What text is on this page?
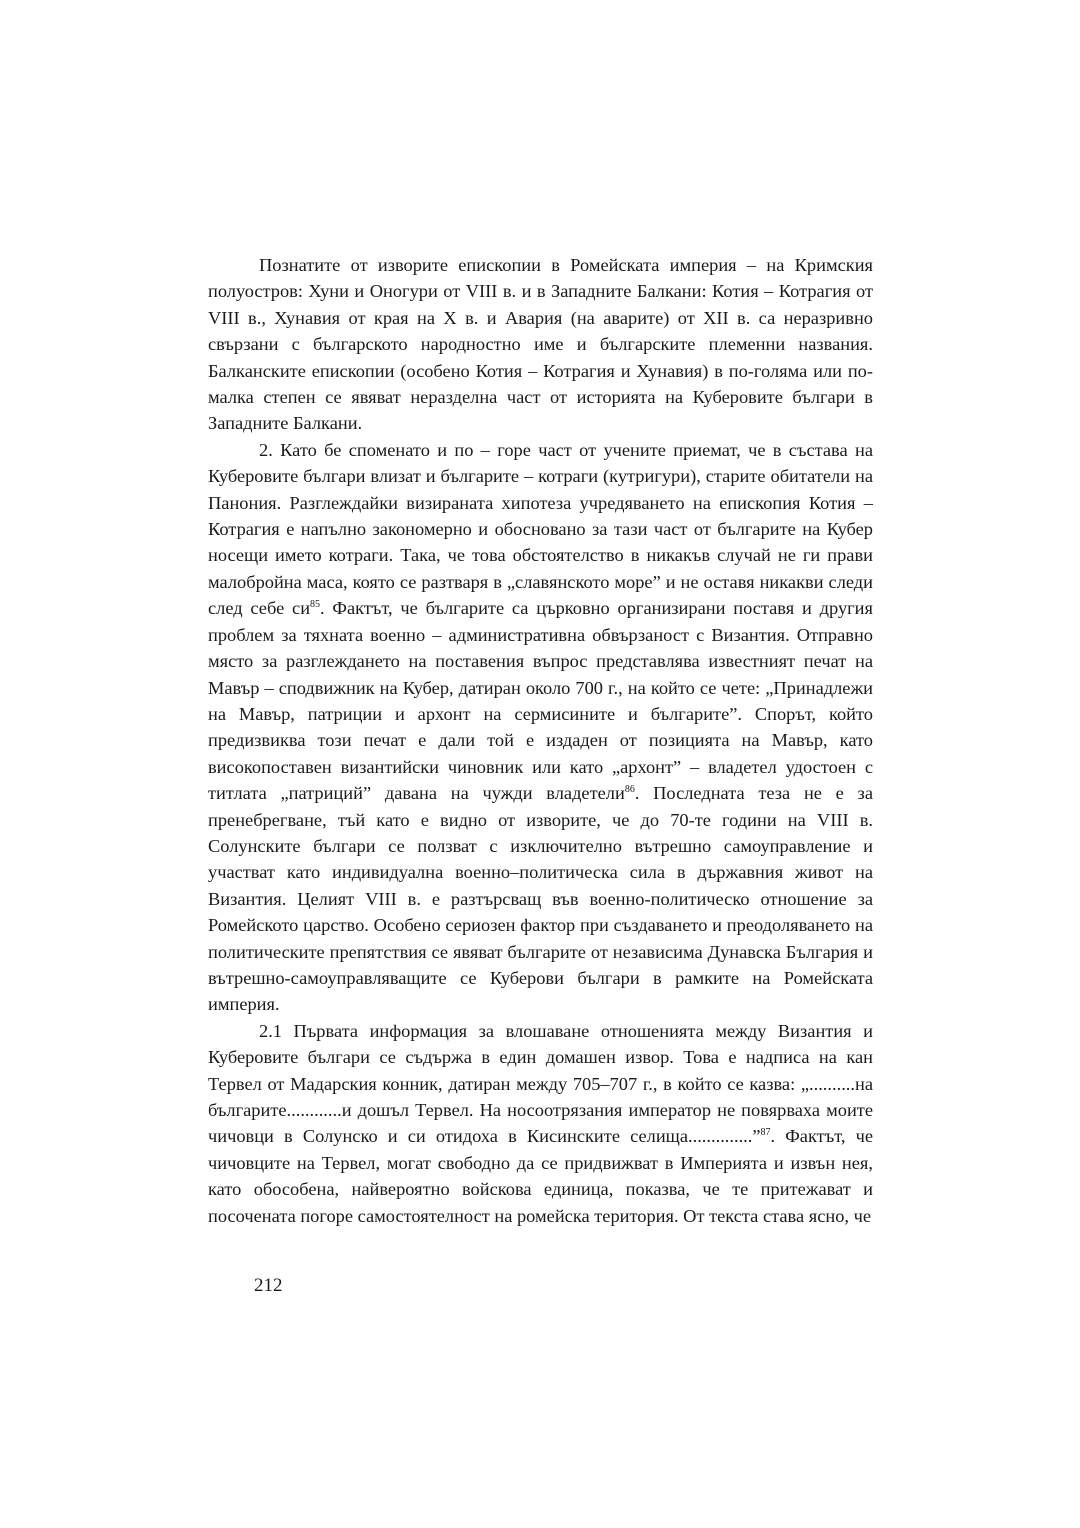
Познатите от изворите епископии в Ромейската империя – на Кримския полуостров: Хуни и Оногури от VIII в. и в Западните Балкани: Котия – Котрагия от VIII в., Хунавия от края на X в. и Авария (на аварите) от XII в. са неразривно свързани с българското народностно име и българските племенни названия. Балканските епископии (особено Котия – Котрагия и Хунавия) в по-голяма или по-малка степен се явяват неразделна част от историята на Куберовите българи в Западните Балкани.

2. Като бе споменато и по – горе част от учените приемат, че в състава на Куберовите българи влизат и българите – котраги (кутригури), старите обитатели на Панония. Разглеждайки визираната хипотеза учредяването на епископия Котия – Котрагия е напълно закономерно и обосновано за тази част от българите на Кубер носещи името котраги. Така, че това обстоятелство в никакъв случай не ги прави малобройна маса, която се разтваря в „славянското море” и не оставя никакви следи след себе $си^{85}$. Фактът, че българите са църковно организирани поставя и другия проблем за тяхната военно – административна обвързаност с Византия. Отправно място за разглеждането на поставения въпрос представлява известният печат на Мавър – сподвижник на Кубер, датиран около 700 г., на който се чете: „Принадлежи на Мавър, патриции и архонт на сермисините и българите”. Спорът, който предизвиква този печат е дали той е издаден от позицията на Мавър, като високопоставен византийски чиновник или като „архонт” – владетел удостоен с титлата „патриций” давана на чужди владетели$^{86}$. Последната теза не е за пренебрегване, тъй като е видно от изворите, че до 70-те години на VIII в. Солунските българи се ползват с изключително вътрешно самоуправление и участват като индивидуална военно–политическа сила в държавния живот на Византия. Целият VIII в. е разтърсващ във военно-политическо отношение за Ромейското царство. Особено сериозен фактор при създаването и преодоляването на политическите препятствия се явяват българите от независима Дунавска България и вътрешно-самоуправляващите се Куберови българи в рамките на Ромейската империя.

2.1 Първата информация за влошаване отношенията между Византия и Куберовите българи се съдържа в един домашен извор. Това е надписа на кан Тервел от Мадарския конник, датиран между 705–707 г., в който се казва: „..........на българите............и дошъл Тервел. На носоотрязания император не повярваха моите чичовци в Солунско и си отидоха в Кисинските селища..............”$^{87}$. Фактът, че чичовците на Тервел, могат свободно да се придвижват в Империята и извън нея, като обособена, найвероятно войскова единица, показва, че те притежават и посочената погоре самостоятелност на ромейска територия. От текста става ясно, че

212
